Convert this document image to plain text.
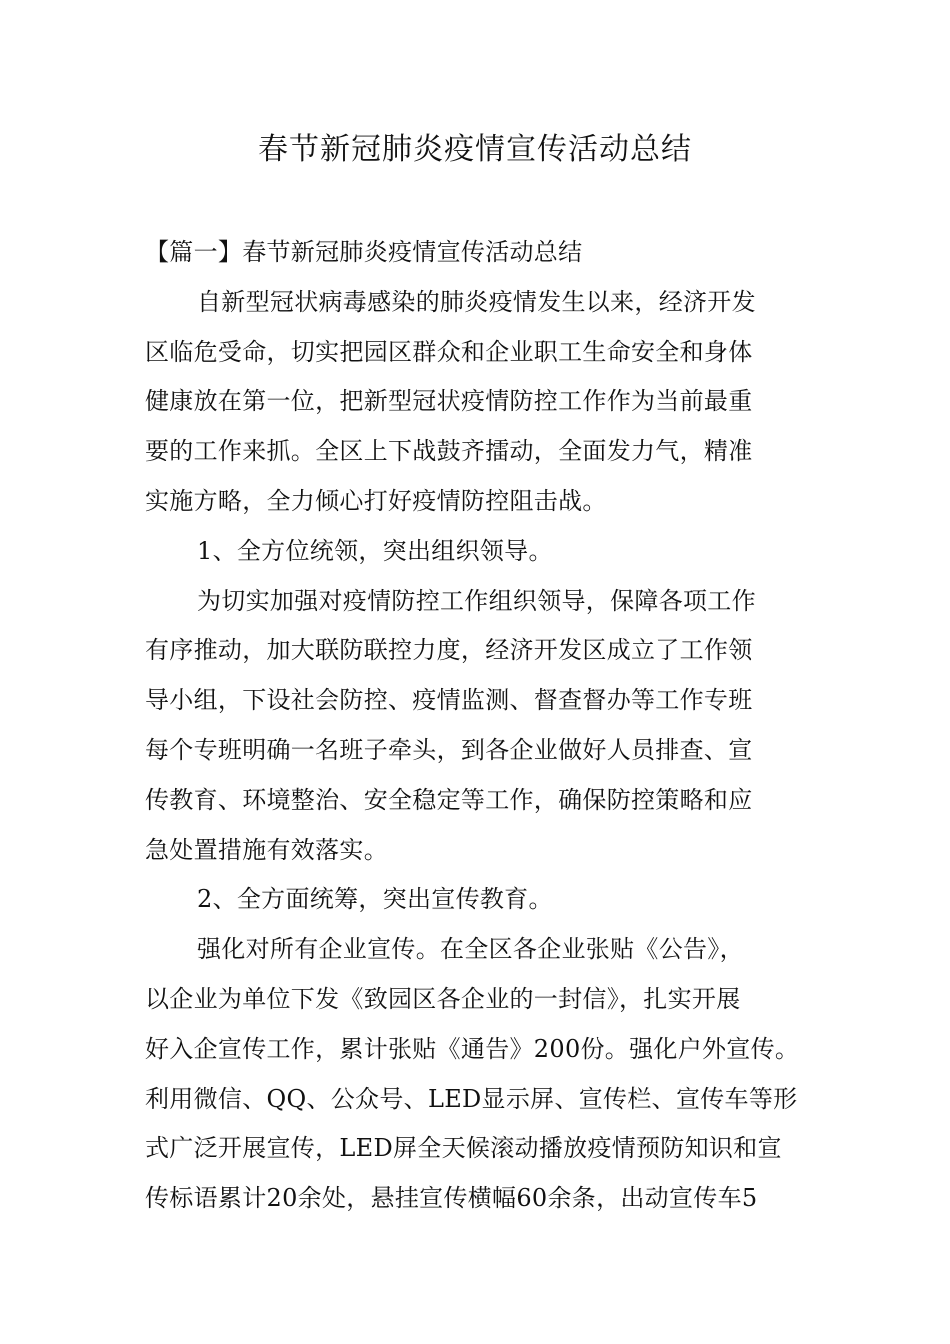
春节新冠肺炎疫情宣传活动总结
【篇一】春节新冠肺炎疫情宣传活动总结
自新型冠状病毒感染的肺炎疫情发生以来，经济开发
区临危受命，切实把园区群众和企业职工生命安全和身体
健康放在第一位，把新型冠状疫情防控工作作为当前最重
要的工作来抓。全区上下战鼓齐擂动，全面发力气，精准
实施方略，全力倾心打好疫情防控阻击战。
1、全方位统领，突出组织领导。
为切实加强对疫情防控工作组织领导，保障各项工作
有序推动，加大联防联控力度，经济开发区成立了工作领
导小组，下设社会防控、疫情监测、督查督办等工作专班
每个专班明确一名班子牵头，到各企业做好人员排查、宣
传教育、环境整治、安全稳定等工作，确保防控策略和应
急处置措施有效落实。
2、全方面统筹，突出宣传教育。
强化对所有企业宣传。在全区各企业张贴《公告》，
以企业为单位下发《致园区各企业的一封信》，扎实开展
好入企宣传工作，累计张贴《通告》200份。强化户外宣传。
利用微信、QQ、公众号、LED显示屏、宣传栏、宣传车等形
式广泛开展宣传，LED屏全天候滚动播放疫情预防知识和宣
传标语累计20余处，悬挂宣传横幅60余条，出动宣传车5
